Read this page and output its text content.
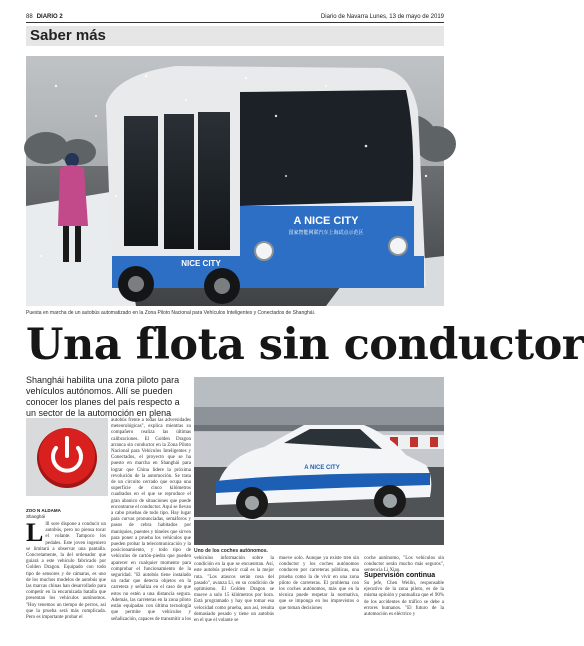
88 DIARIO 2	Diario de Navarra Lunes, 13 de mayo de 2019
Saber más
A NICE CITY
国家智能网联汽车上海试点示范区
NICE CITY
Puesta en marcha de un autobús automatizado en la Zona Piloto Nacional para Vehículos Inteligentes y Conectados de Shanghái.
Una flota sin conductor
Shanghái habilita una zona piloto para vehículos autónomos. Allí se pueden conocer los planes del país respecto a un sector de la automoción en plena
ZOO N ALDAMA
Shanghái
L lll sore dispone a conducir un autobús, pero no piensa tocar el volante. Tampoco los pedales. Este joven ingeniero se limitará a observar una pantalla. Concretamente, la del ordenador que guiará a este vehículo fabricado por Golden Dragon. Equipado con todo tipo de sensores y de cámaras, es uno de los muchos modelos de autobús que las marcas chinas han desarrollado para competir en la encarnizada batalla que presentan los vehículos autónomos. "Hoy tenemos un tiempo de perros, así que la prueba será más complicada. Pero es importante probar el
autobús frente a todas las adversidades meteorológicas", explica mientras su compañero realiza las últimas calibraciones. El Golden Dragon arranca sin conductor en la Zona Piloto Nacional para Vehículos Inteligentes y Conectados, el proyecto que se ha puesto en marcha en Shanghái para lograr que China lidere la próxima revolución de la automoción. Se trata de un circuito cerrado que ocupa una superficie de cinco kilómetros cuadrados en el que se reproduce el gran abanico de situaciones que puede encontrarse el conductor. Aquí se llevan a cabo pruebas de todo tipo. Hay lugar para curvas pronunciadas, semáforos y pasos de cebra habitados por maniquíes, puentes y túneles que sirven para poner a prueba los vehículos que pueden probar la telecomunicación y la posicionamiento, y todo tipo de vehículos de cartón-piedra que pueden aparecer en cualquier momento para comprobar el funcionamiento de la seguridad. "El autobús tiene instalado un radar que detecta objetos en la carretera y señaliza en el caso de que estos no estén a una distancia segura. Además, las carreteras en la zona piloto están equipadas con última tecnología que permite que vehículos y señalización, capaces de transmitir a los
A NICE CITY
Uno de los coches autónomos.
vehículos información sobre la condición en la que se encuentran. Así, este autobús predecir cuál es la mejor ruta. "Los atascos serán cosa del pasado", avanza Li, en su condición de optimismo. El Golden Dragon se mueve a solo 15 kilómetros por hora. Está programado y hay que tomar esa velocidad como prueba, aun así, resulta demasiado pesado y tiene un autobús en el que el volante se
mueve solo. Aunque ya existe tren sin conductor y los coches autónomos conducen por carreteras públicas, una prueba como la de vivir en una zona piloto de carreteras. El problema con los coches autónomos, más que en la técnica puede respetar la normativa, que se imponga en los imprevistos o que toman decisiones
coche autónomo, "Los vehículos sin conductor serán mucho más seguros", sentencia Li Xiao.
Supervisión continua
Su jefe, Chen Weilin, responsable ejecutivo de la zona piloto, es de la misma opinión y puntualiza que el 90% de los accidentes de tráfico se debe a errores humanos. "El futuro de la automoción es eléctrico y
